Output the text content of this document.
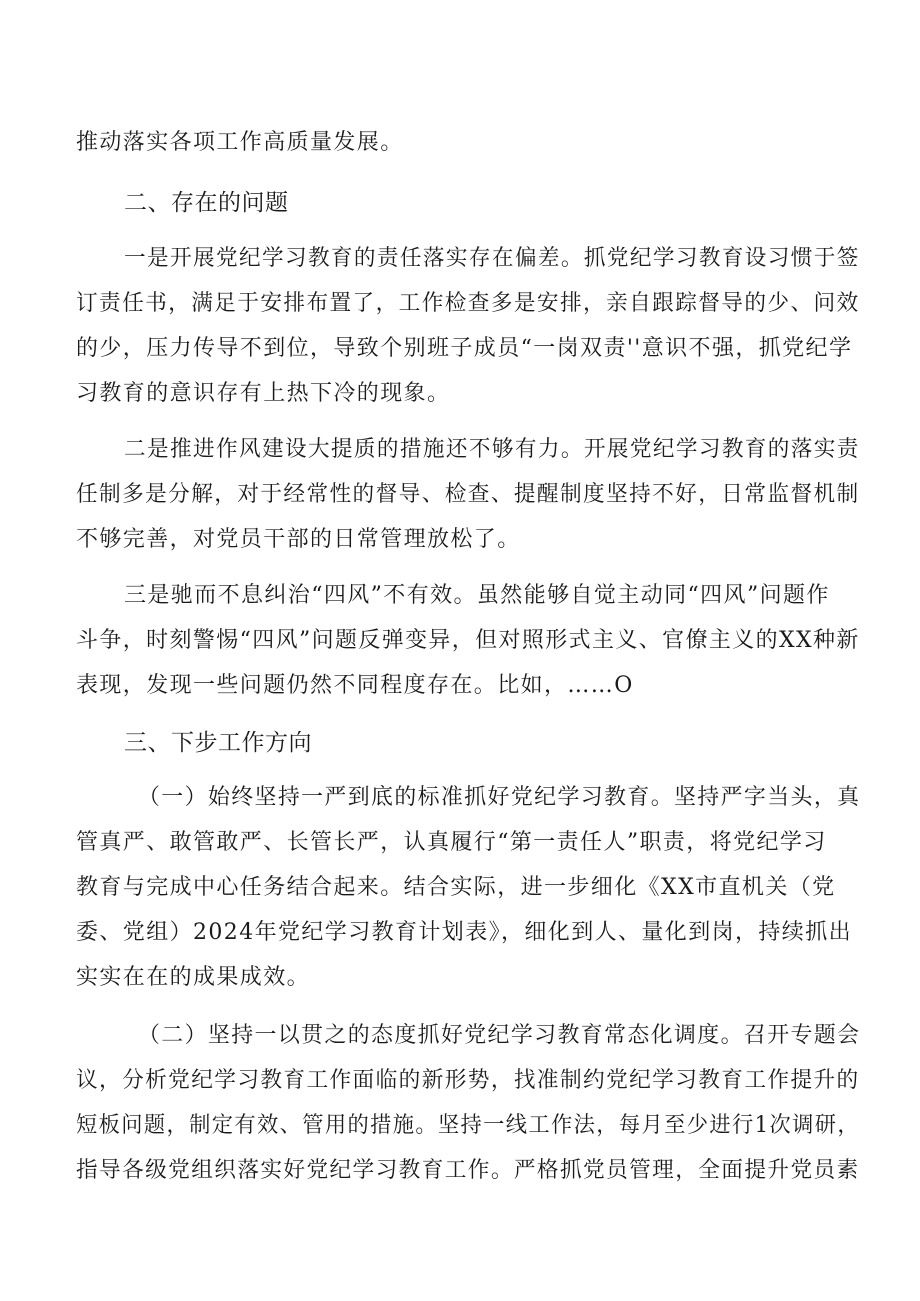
推动落实各项工作高质量发展。
二、存在的问题
一是开展党纪学习教育的责任落实存在偏差。抓党纪学习教育设习惯于签
订责任书，满足于安排布置了，工作检查多是安排，亲自跟踪督导的少、问效
的少，压力传导不到位，导致个别班子成员“一岗双责''意识不强，抓党纪学
习教育的意识存有上热下冷的现象。
二是推进作风建设大提质的措施还不够有力。开展党纪学习教育的落实责
任制多是分解，对于经常性的督导、检查、提醒制度坚持不好，日常监督机制
不够完善，对党员干部的日常管理放松了。
三是驰而不息纠治“四风”不有效。虽然能够自觉主动同“四风”问题作
斗争，时刻警惕“四风”问题反弹变异，但对照形式主义、官僚主义的XX种新
表现，发现一些问题仍然不同程度存在。比如，……O
三、下步工作方向
（一）始终坚持一严到底的标准抓好党纪学习教育。坚持严字当头，真
管真严、敢管敢严、长管长严，认真履行“第一责任人”职责，将党纪学习
教育与完成中心任务结合起来。结合实际，进一步细化《XX市直机关（党
委、党组）2024年党纪学习教育计划表》，细化到人、量化到岗，持续抓出
实实在在的成果成效。
（二）坚持一以贯之的态度抓好党纪学习教育常态化调度。召开专题会
议，分析党纪学习教育工作面临的新形势，找准制约党纪学习教育工作提升的
短板问题，制定有效、管用的措施。坚持一线工作法，每月至少进行1次调研，
指导各级党组织落实好党纪学习教育工作。严格抓党员管理，全面提升党员素
